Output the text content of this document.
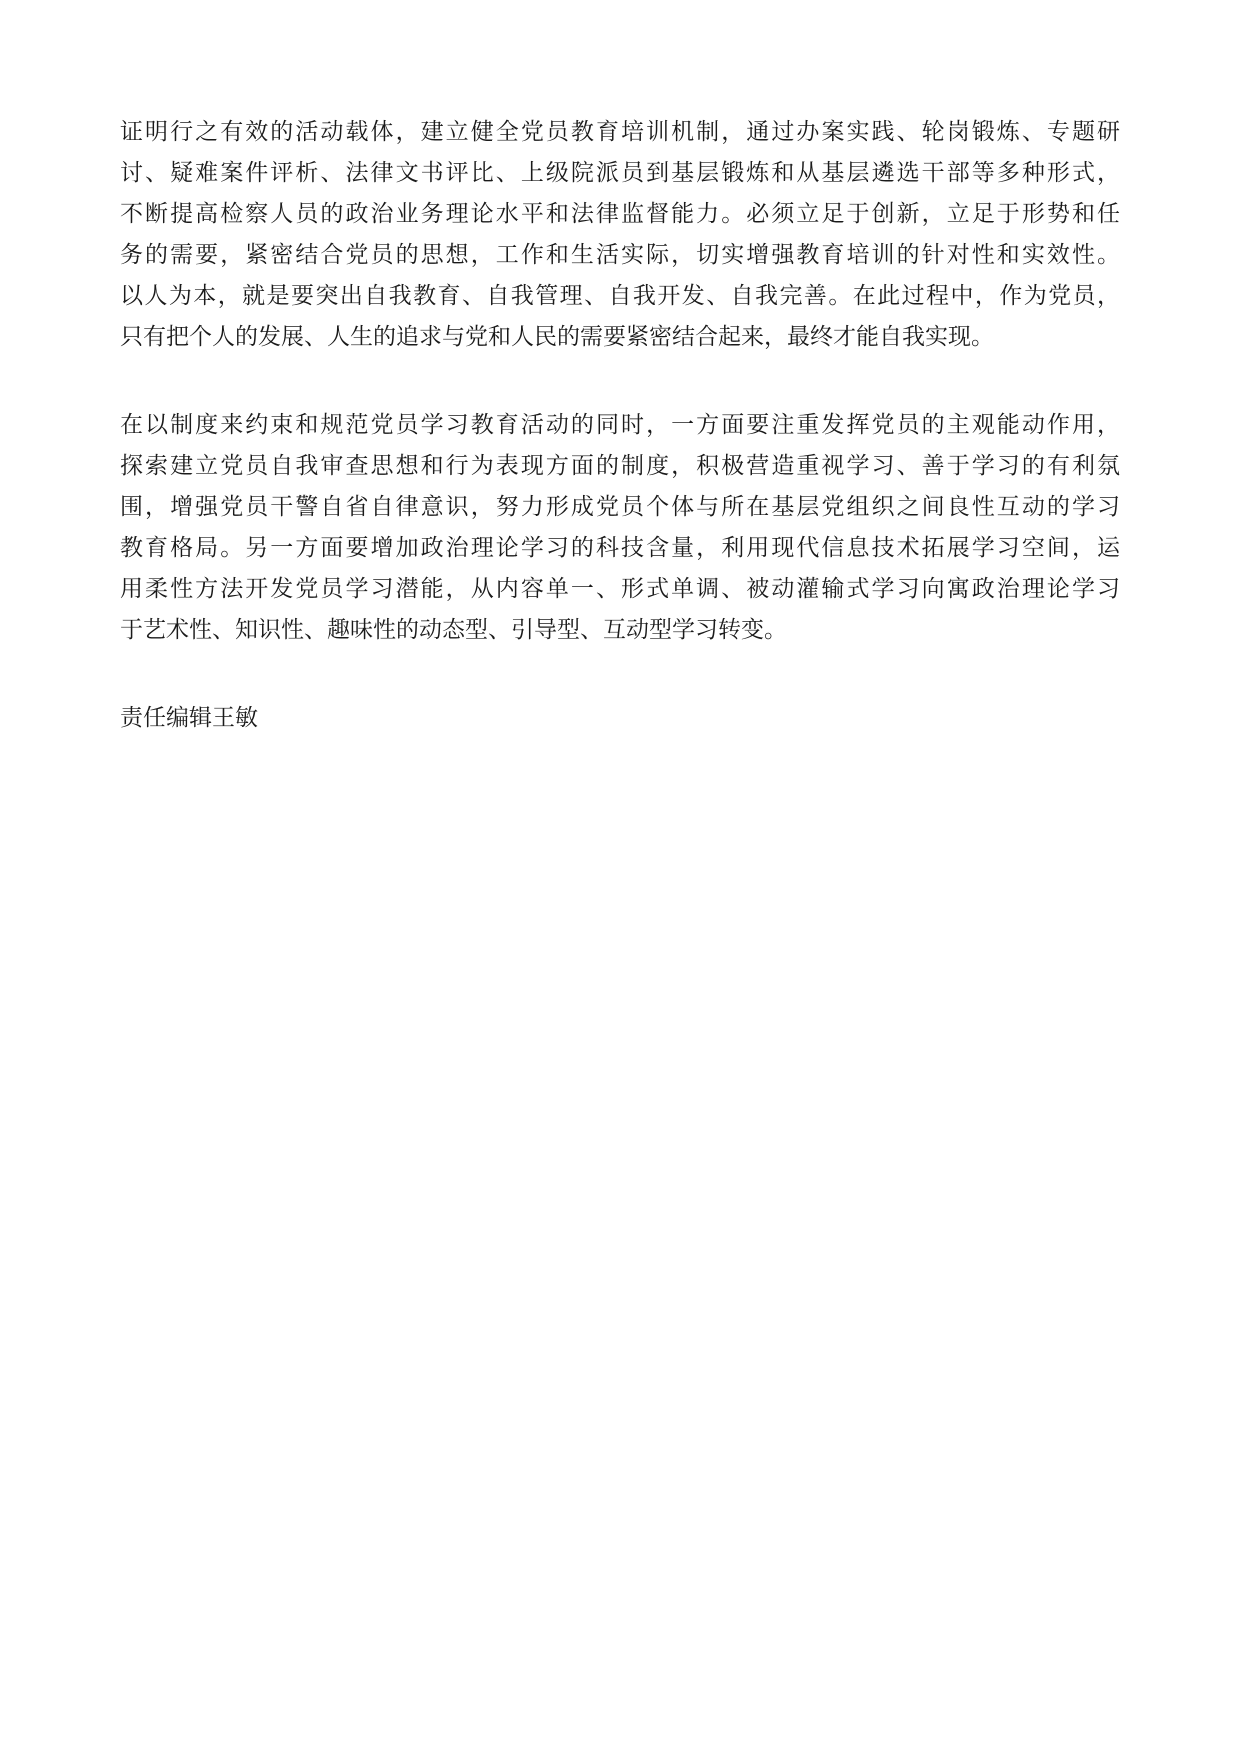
证明行之有效的活动载体，建立健全党员教育培训机制，通过办案实践、轮岗锻炼、专题研
讨、疑难案件评析、法律文书评比、上级院派员到基层锻炼和从基层遴选干部等多种形式，
不断提高检察人员的政治业务理论水平和法律监督能力。必须立足于创新，立足于形势和任
务的需要，紧密结合党员的思想，工作和生活实际，切实增强教育培训的针对性和实效性。
以人为本，就是要突出自我教育、自我管理、自我开发、自我完善。在此过程中，作为党员，
只有把个人的发展、人生的追求与党和人民的需要紧密结合起来，最终才能自我实现。
在以制度来约束和规范党员学习教育活动的同时，一方面要注重发挥党员的主观能动作用，
探索建立党员自我审查思想和行为表现方面的制度，积极营造重视学习、善于学习的有利氛
围，增强党员干警自省自律意识，努力形成党员个体与所在基层党组织之间良性互动的学习
教育格局。另一方面要增加政治理论学习的科技含量，利用现代信息技术拓展学习空间，运
用柔性方法开发党员学习潜能，从内容单一、形式单调、被动灌输式学习向寓政治理论学习
于艺术性、知识性、趣味性的动态型、引导型、互动型学习转变。
责任编辑王敏
